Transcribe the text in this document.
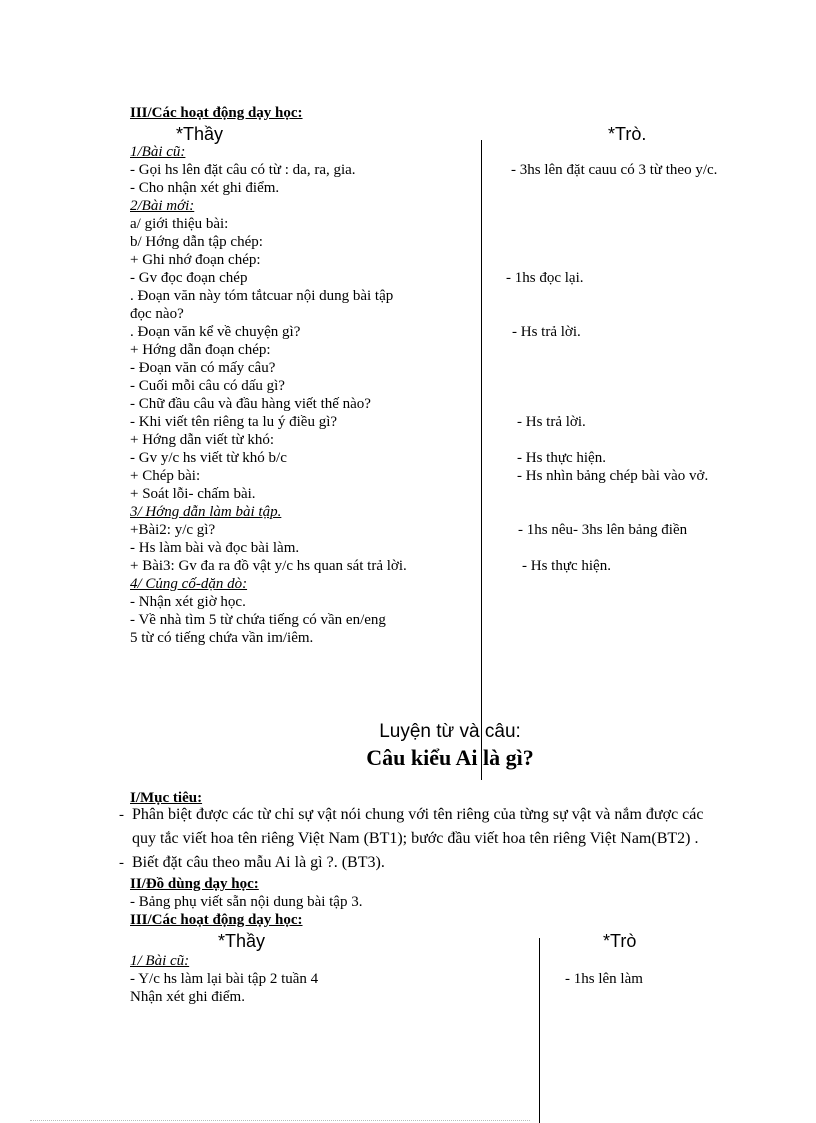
III/Các hoạt động dạy học:
*Thầy	*Trò.
1/Bài cũ:
- Gọi hs lên đặt câu có từ : da, ra, gia.
- Cho nhận xét ghi điểm.
2/Bài mới:
a/ giới thiệu bài:
b/ Hớng dẫn tập chép:
+ Ghi nhớ đoạn chép:
- Gv đọc đoạn chép
. Đoạn văn này tóm tắtcuar nội dung bài tập
đọc nào?
. Đoạn văn kể về chuyện gì?
+ Hớng dẫn đoạn chép:
- Đoạn văn có mấy câu?
- Cuối mỗi câu có dấu gì?
- Chữ đầu câu và đầu hàng viết thế nào?
- Khi viết tên riêng ta lu ý điều gì?
+ Hớng dẫn viết từ khó:
- Gv y/c hs viết từ khó b/c
+ Chép bài:
+ Soát lỗi- chấm bài.
3/ Hớng dẫn làm bài tập.
+Bài2: y/c gì?
- Hs làm bài và đọc bài làm.
+ Bài3: Gv đa ra đồ vật y/c hs quan sát trả lời.
4/ Củng cố-dặn dò:
- Nhận xét giờ học.
- Về nhà tìm 5 từ chứa tiếng có vần en/eng
5 từ có tiếng chứa vần im/iêm.
- 3hs lên đặt cauu có 3 từ theo y/c.
- 1hs đọc lại.
- Hs trả lời.
- Hs trả lời.
- Hs thực hiện.
- Hs nhìn bảng chép bài vào vở.
- 1hs nêu- 3hs lên bảng điền
- Hs thực hiện.
Luyện từ và câu:
Câu kiểu Ai là gì?
I/Mục tiêu:
- Phân biệt được các từ chỉ sự vật nói chung với tên riêng của từng sự vật và nắm được các
quy tắc viết hoa tên riêng Việt Nam (BT1); bước đầu viết hoa tên riêng Việt Nam(BT2) .
- Biết đặt câu theo mẫu Ai là gì ?. (BT3).
II/Đồ dùng dạy học:
- Bảng phụ viết sẵn nội dung bài tập 3.
III/Các hoạt động dạy học:
*Thầy	*Trò
1/ Bài cũ:
- Y/c hs làm lại bài tập 2 tuần 4
Nhận xét ghi điểm.
- 1hs lên làm
